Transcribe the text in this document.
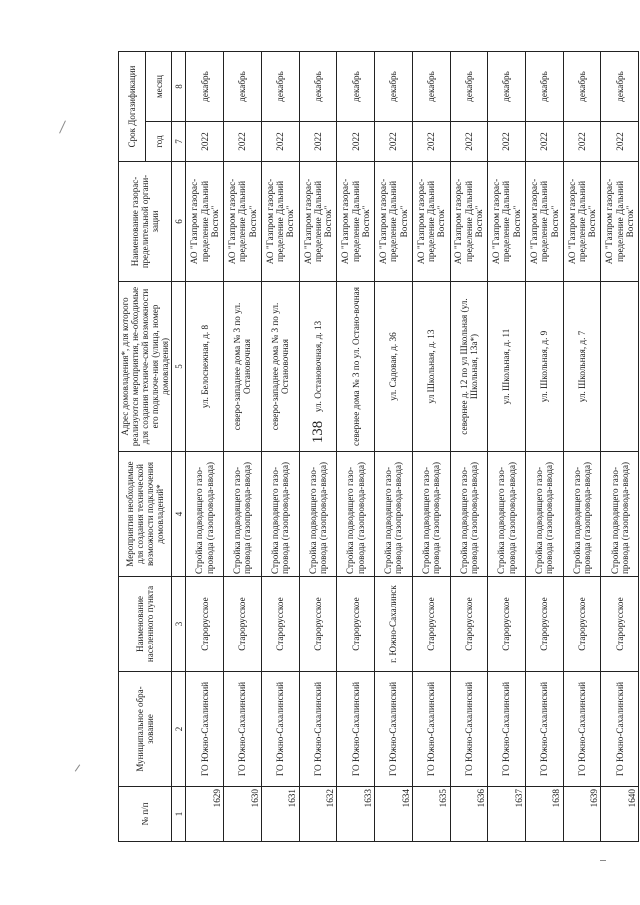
138
№ п/п	Муниципальное обра-зование	Наименование населенного пункта	Мероприятия необходимые для создания технической возможности подключения домовладений*	Адрес домовладения*, для которого реализуются мероприятия, не-обходимые для создания техниче-ской возможности его подключе-ния (улица, номер домовладения)	Наименование газорас-пределительной органи-зации	Срок Догазификации	
						год	месяц
1	2	3	4	5	6	7	8
1629	ГО Южно-Сахалинский	Старорусское	Стройка подводящего газо-провода (газопровода-ввода)	ул. Белоснежная, д. 8	АО "Газпром газорас-пределение Дальний Восток"	2022	декабрь
1630	ГО Южно-Сахалинский	Старорусское	Стройка подводящего газо-провода (газопровода-ввода)	северо-западнее дома № 3 по ул. Остановочная	АО "Газпром газорас-пределение Дальний Восток"	2022	декабрь
1631	ГО Южно-Сахалинский	Старорусское	Стройка подводящего газо-провода (газопровода-ввода)	северо-западнее дома № 3 по ул. Остановочная	АО "Газпром газорас-пределение Дальний Восток"	2022	декабрь
1632	ГО Южно-Сахалинский	Старорусское	Стройка подводящего газо-провода (газопровода-ввода)	ул. Остановочная, д. 13	АО "Газпром газорас-пределение Дальний Восток"	2022	декабрь
1633	ГО Южно-Сахалинский	Старорусское	Стройка подводящего газо-провода (газопровода-ввода)	севернее дома № 3 по ул. Остано-вочная	АО "Газпром газорас-пределение Дальний Восток"	2022	декабрь
1634	ГО Южно-Сахалинский	г. Южно-Сахалинск	Стройка подводящего газо-провода (газопровода-ввода)	ул. Садовая, д. 36	АО "Газпром газорас-пределение Дальний Восток"	2022	декабрь
1635	ГО Южно-Сахалинский	Старорусское	Стройка подводящего газо-провода (газопровода-ввода)	ул Школьная, д. 13	АО "Газпром газорас-пределение Дальний Восток"	2022	декабрь
1636	ГО Южно-Сахалинский	Старорусское	Стройка подводящего газо-провода (газопровода-ввода)	севернее д. 12 по ул Школьная (ул. Школьная, 13а*)	АО "Газпром газорас-пределение Дальний Восток"	2022	декабрь
1637	ГО Южно-Сахалинский	Старорусское	Стройка подводящего газо-провода (газопровода-ввода)	ул. Школьная, д. 11	АО "Газпром газорас-пределение Дальний Восток"	2022	декабрь
1638	ГО Южно-Сахалинский	Старорусское	Стройка подводящего газо-провода (газопровода-ввода)	ул. Школьная, д. 9	АО "Газпром газорас-пределение Дальний Восток"	2022	декабрь
1639	ГО Южно-Сахалинский	Старорусское	Стройка подводящего газо-провода (газопровода-ввода)	ул. Школьная, д. 7	АО "Газпром газорас-пределение Дальний Восток"	2022	декабрь
1640	ГО Южно-Сахалинский	Старорусское	Стройка подводящего газо-провода (газопровода-ввода)		АО "Газпром газорас-пределение Дальний Восток"	2022	декабрь
